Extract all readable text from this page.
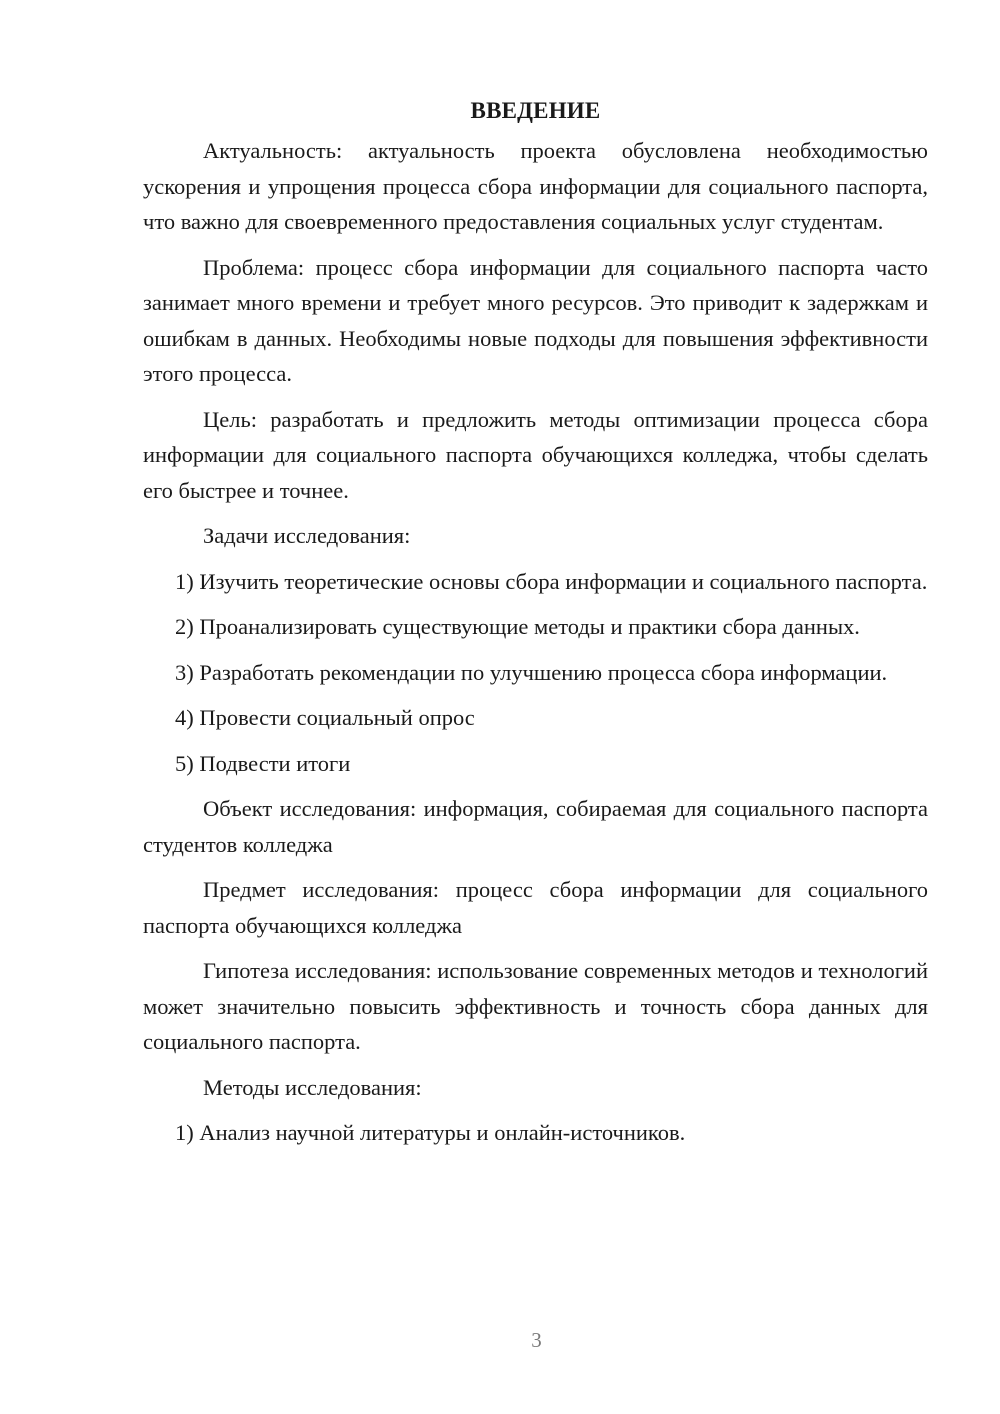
ВВЕДЕНИЕ

Актуальность: актуальность проекта обусловлена необходимостью ускорения и упрощения процесса сбора информации для социального паспорта, что важно для своевременного предоставления социальных услуг студентам.

Проблема: процесс сбора информации для социального паспорта часто занимает много времени и требует много ресурсов. Это приводит к задержкам и ошибкам в данных. Необходимы новые подходы для повышения эффективности этого процесса.

Цель: разработать и предложить методы оптимизации процесса сбора информации для социального паспорта обучающихся колледжа, чтобы сделать его быстрее и точнее.

Задачи исследования:

1) Изучить теоретические основы сбора информации и социального паспорта.

2) Проанализировать существующие методы и практики сбора данных.

3) Разработать рекомендации по улучшению процесса сбора информации.

4) Провести социальный опрос

5) Подвести итоги

Объект исследования: информация, собираемая для социального паспорта студентов колледжа

Предмет исследования: процесс сбора информации для социального паспорта обучающихся колледжа

Гипотеза исследования: использование современных методов и технологий может значительно повысить эффективность и точность сбора данных для социального паспорта.

Методы исследования:

1) Анализ научной литературы и онлайн-источников.

3
